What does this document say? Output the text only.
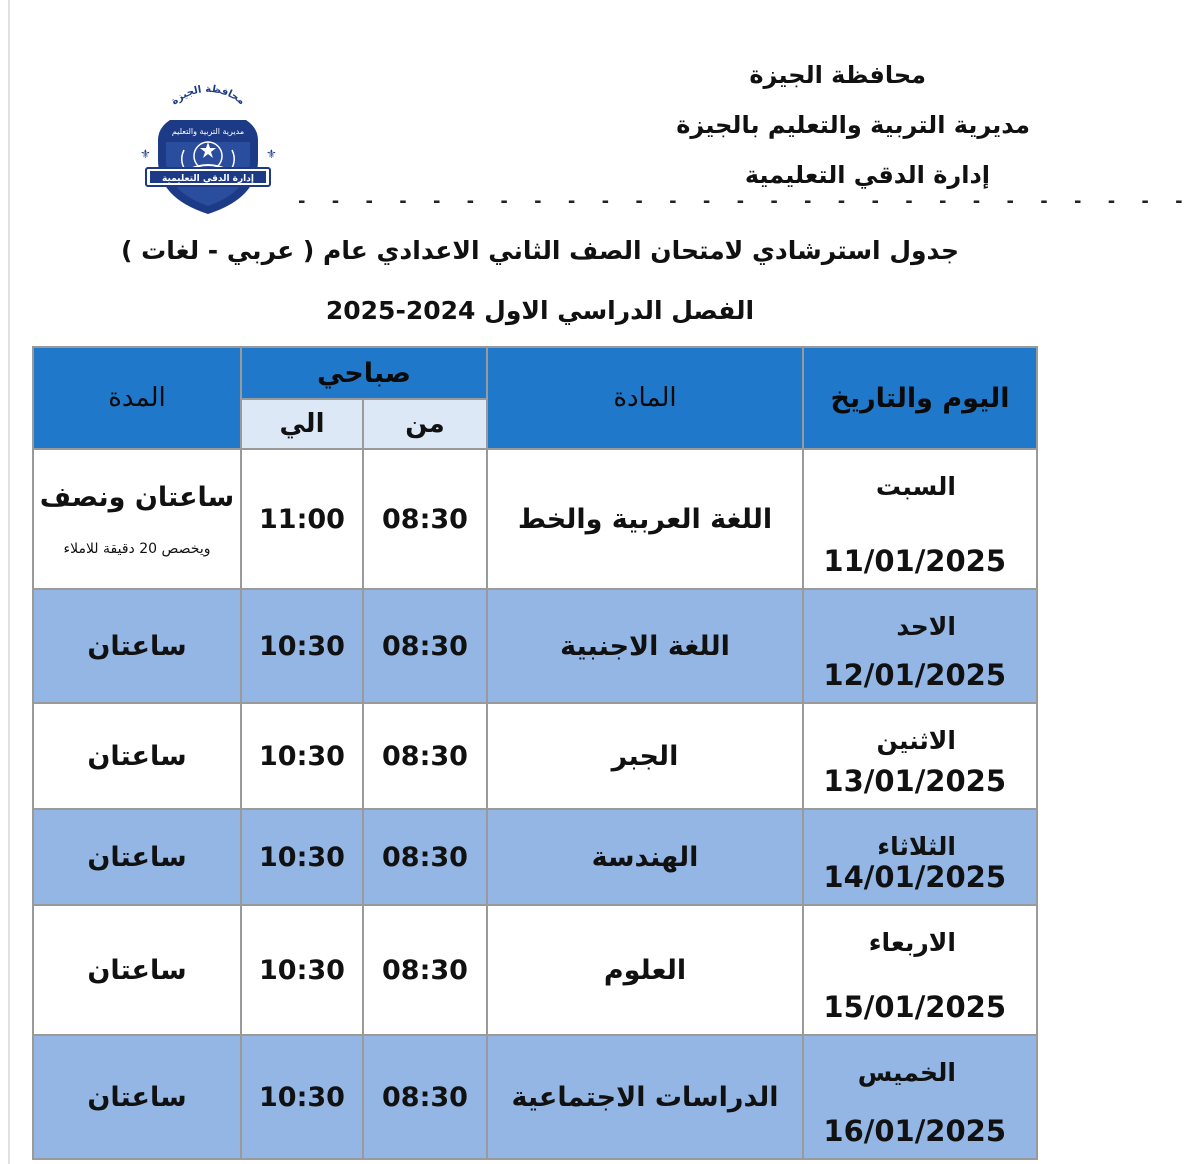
محافظة الجيزة
مديرية التربية والتعليم
إدارة الدقي التعليمية
⚜	⚜
محافظة الجيزة
مديرية التربية والتعليم بالجيزة
إدارة الدقي التعليمية
- - - - - - - - - - - - - - - - - - - - - - - - - - -
جدول استرشادي لامتحان الصف الثاني الاعدادي عام ( عربي - لغات )
الفصل الدراسي الاول 2024-2025
اليوم والتاريخ	المادة	صباحي		المدة
		من	الي	

السبت
11/01/2025	اللغة العربية والخط	08:30	11:00	ساعتان ونصف
ويخصص 20 دقيقة للاملاء

الاحد
12/01/2025	اللغة الاجنبية	08:30	10:30	ساعتان

الاثنين
13/01/2025	الجبر	08:30	10:30	ساعتان

الثلاثاء
14/01/2025	الهندسة	08:30	10:30	ساعتان

الاربعاء
15/01/2025	العلوم	08:30	10:30	ساعتان

الخميس
16/01/2025	الدراسات الاجتماعية	08:30	10:30	ساعتان
